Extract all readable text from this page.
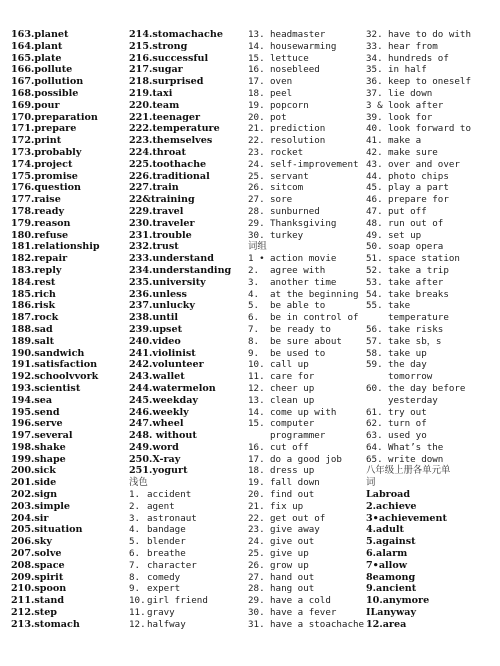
163.planet
164.plant
165.plate
166.pollute
167.pollution
168.possible
169.pour
170.preparation
171.prepare
172.print
173.probably
174.project
175.promise
176.question
177.raise
178.ready
179.reason
180.refuse
181.relationship
182.repair
183.reply
184.rest
185.rich
186.risk
187.rock
188.sad
189.salt
190.sandwich
191.satisfaction
192.schoolvvork
193.scientist
194.sea
195.send
196.serve
197.several
198.shake
199.shape
200.sick
201.side
202.sign
203.simple
204.sir
205.situation
206.sky
207.solve
208.space
209.spirit
210.spoon
211.stand
212.step
213.stomach
214.stomachache
215.strong
216.successful
217.sugar
218.surprised
219.taxi
220.team
221.teenager
222.temperature
223.themselves
224.throat
225.toothache
226.traditional
227.train
22&training
229.travel
230.traveler
231.trouble
232.trust
233.understand
234.understanding
235.university
236.unless
237.unlucky
238.until
239.upset
240.video
241.violinist
242.volunteer
243.wallet
244.watermelon
245.weekday
246.weekly
247.wheel
248. without
249.word
250.X-ray
251.yogurt
浅色
1. accident
2. agent
3. astronaut
4. bandage
5. blender
6. breathe
7. character
8. comedy
9. expert
10.girl friend
11.gravy
12.halfway
13. headmaster
14. housewarming
15. lettuce
16. nosebleed
17. oven
18. peel
19. popcorn
20. pot
21. prediction
22. resolution
23. rocket
24. self-improvement
25. servant
26. sitcom
27. sore
28. sunburned
29. Thanksgiving
30. turkey
词组
1 • action movie
2. agree with
3. another time
4. at the beginning
5. be able to
6. be in control of
7. be ready to
8. be sure about
9. be used to
10. call up
11. care for
12. cheer up
13. clean up
14. come up with
15. computer
programmer
16. cut off
17. do a good job
18. dress up
19. fall down
20. find out
21. fix up
22. get out of
23. give away
24. give out
25. give up
26. grow up
27. hand out
28. hang out
29. have a cold
30. have a fever
31. have a stoachache
32. have to do with
33. hear from
34. hundreds of
35. in half
36. keep to oneself
37. lie down
3 & look after
39. look for
40. look forward to
41. make a
42. make sure
43. over and over
44. photo chips
45. play a part
46. prepare for
47. put off
48. run out of
49. set up
50. soap opera
51. space station
52. take a trip
53. take after
54. take breaks
55. take
temperature
56. take risks
57. take sb，s
58. take up
59. the day
tomorrow
60. the day before
yesterday
61. try out
62. turn of
63. used yo
64. What’s the
65. write down
八年级上册各单元单
词
Labroad
2.achieve
3•achievement
4.adult
5.against
6.alarm
7•allow
8eamong
9.ancient
10.anymore
ILanyway
12.area
